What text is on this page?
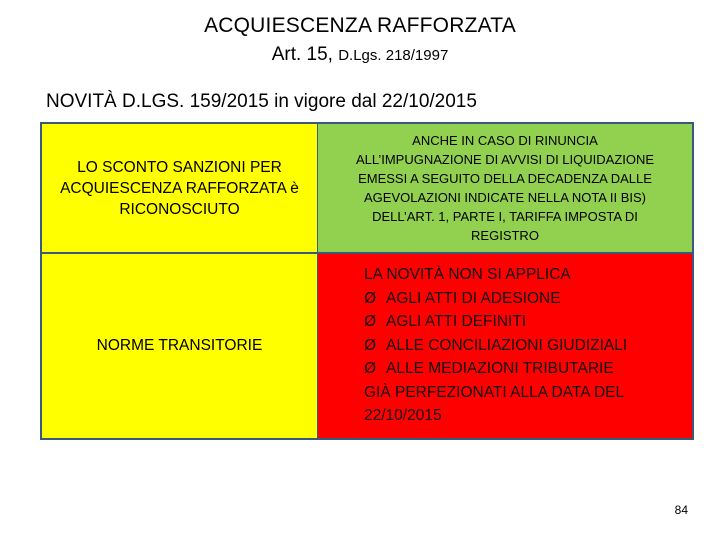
ACQUIESCENZA RAFFORZATA
Art. 15, D.Lgs. 218/1997
NOVITÀ D.LGS. 159/2015 in vigore dal 22/10/2015
LO SCONTO SANZIONI PER
ACQUIESCENZA RAFFORZATA è
RICONOSCIUTO
ANCHE IN CASO DI RINUNCIA
ALL’IMPUGNAZIONE DI AVVISI DI LIQUIDAZIONE
EMESSI A SEGUITO DELLA DECADENZA DALLE
AGEVOLAZIONI INDICATE NELLA NOTA II BIS)
DELL’ART. 1, PARTE I, TARIFFA IMPOSTA DI
REGISTRO
NORME TRANSITORIE
LA NOVITÀ NON SI APPLICA
Ø AGLI ATTI DI ADESIONE
Ø AGLI ATTI DEFINITI
Ø ALLE CONCILIAZIONI GIUDIZIALI
Ø ALLE MEDIAZIONI TRIBUTARIE
GIÀ PERFEZIONATI ALLA DATA DEL
22/10/2015
84
